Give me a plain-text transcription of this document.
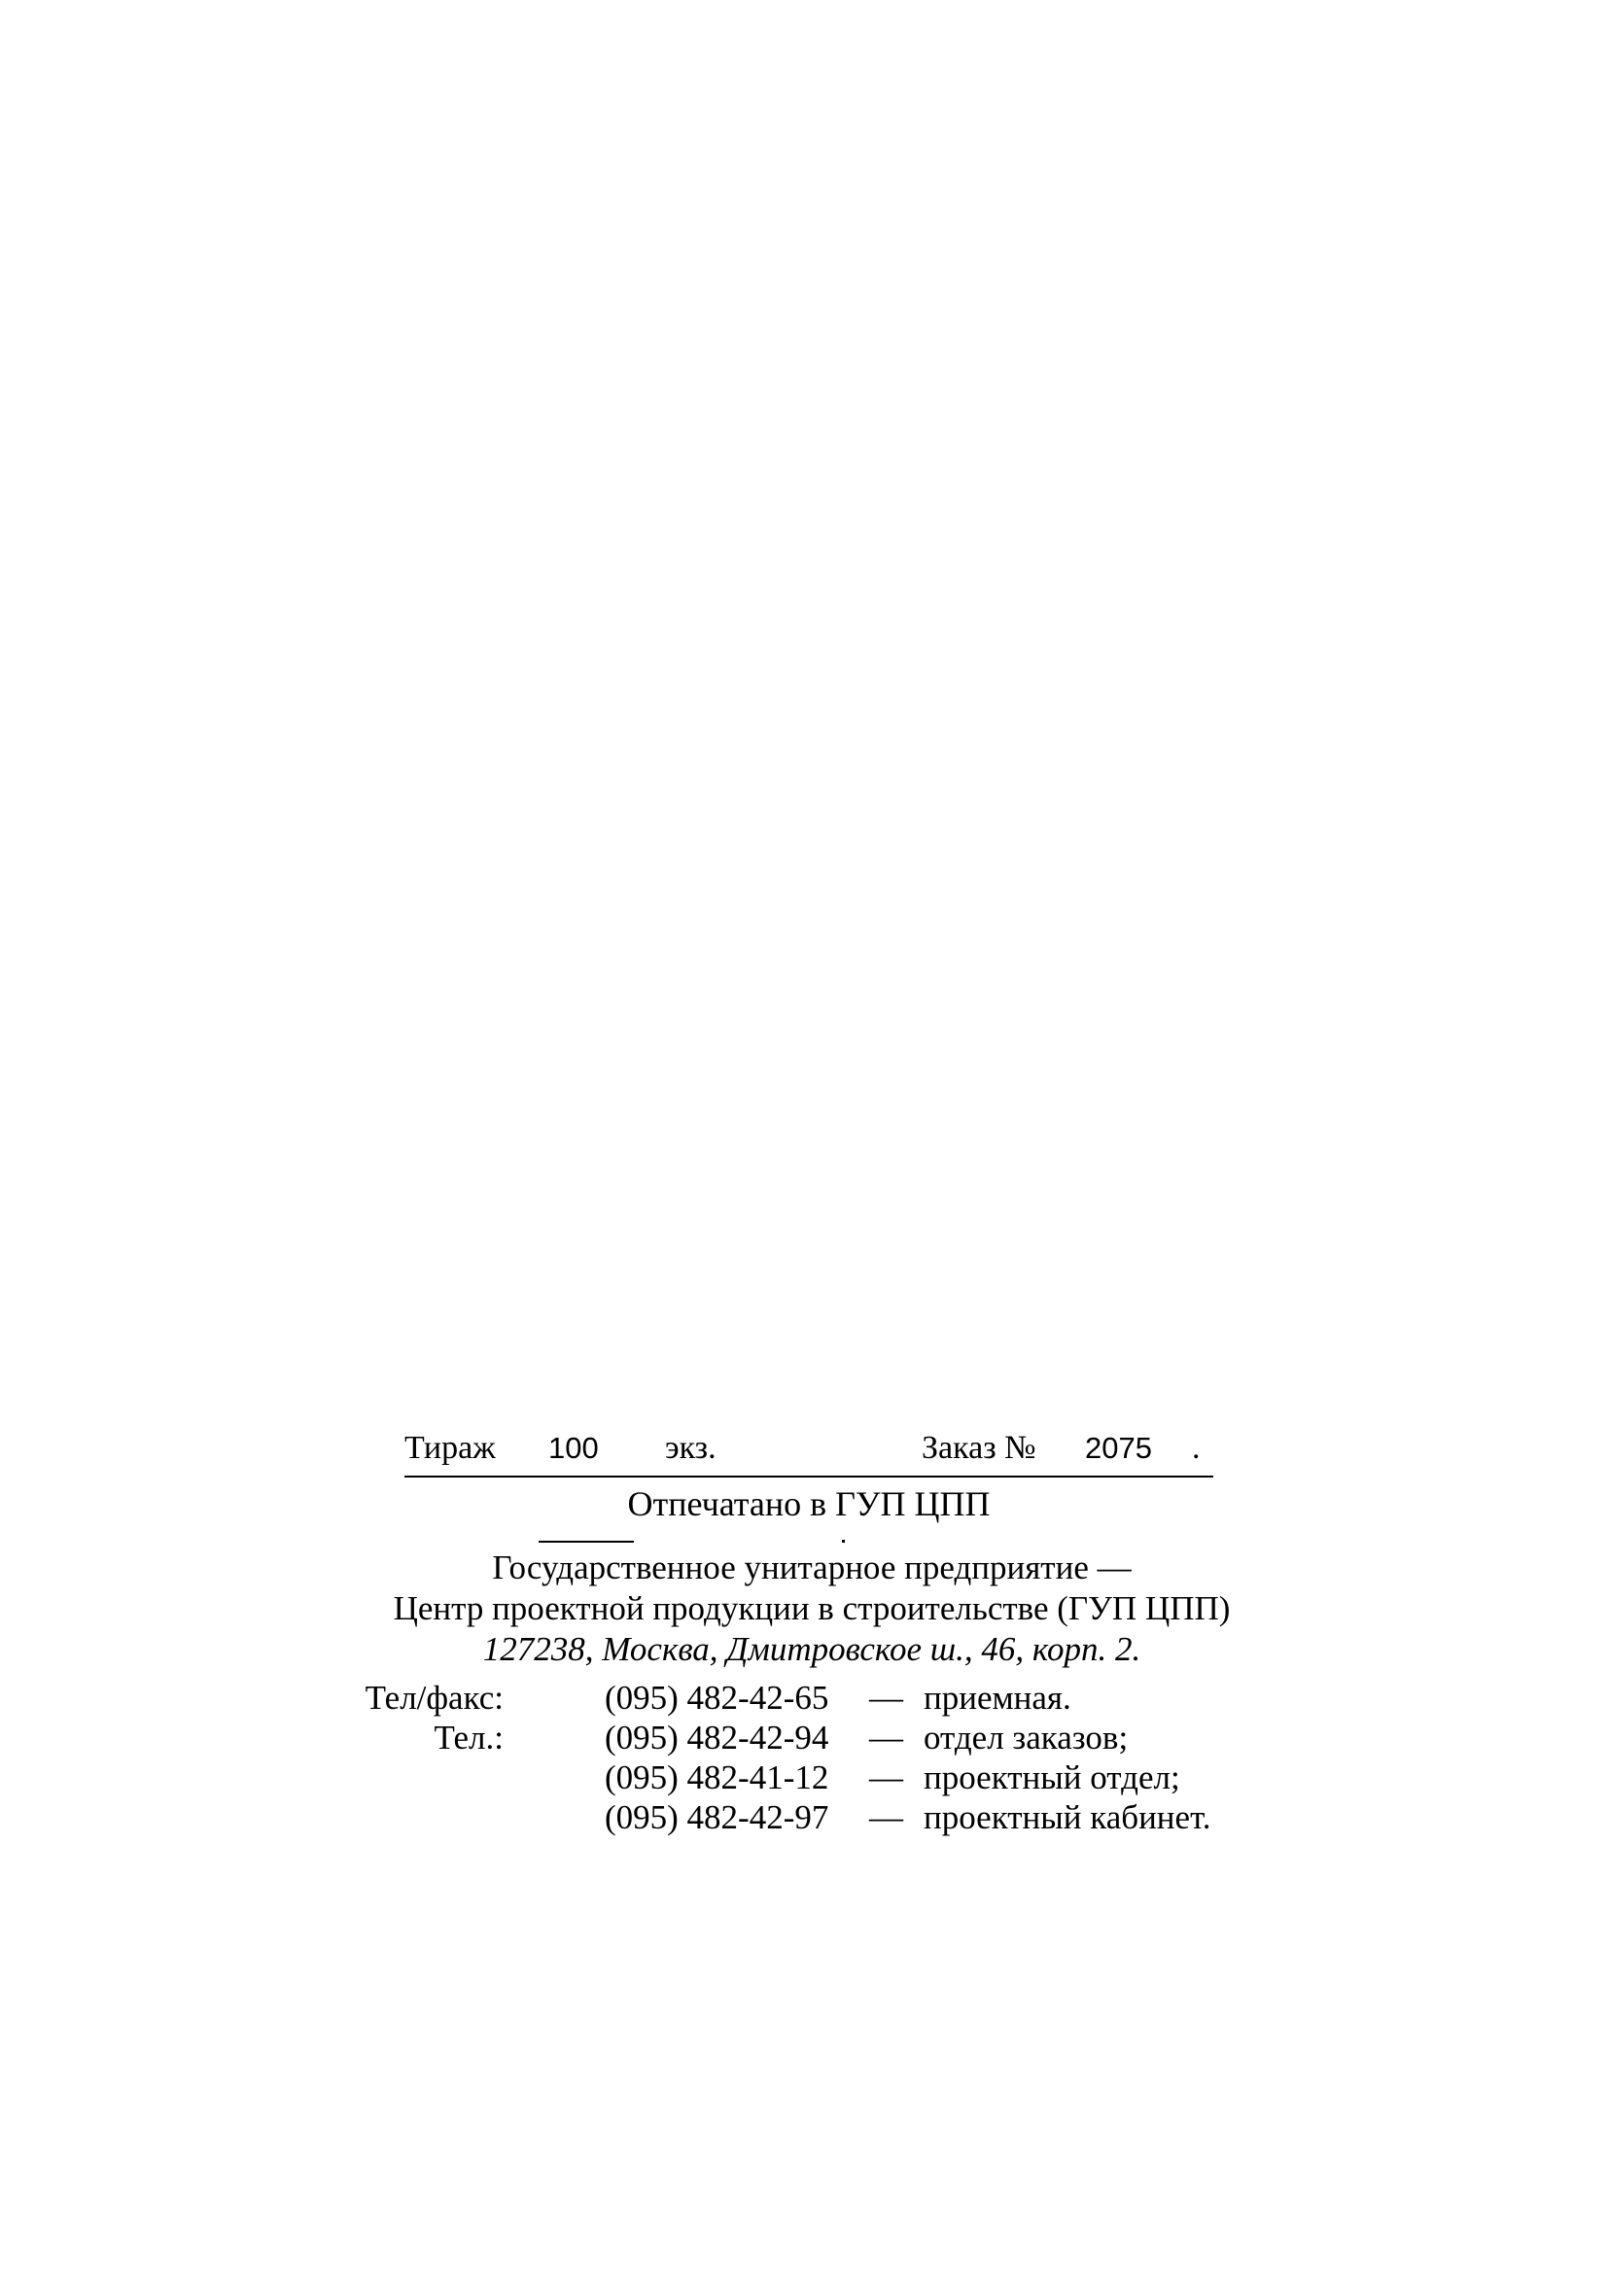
Тираж 100 экз.	Заказ № 2075 .
Отпечатано в ГУП ЦПП
Государственное унитарное предприятие —
Центр проектной продукции в строительстве (ГУП ЦПП)
127238, Москва, Дмитровское ш., 46, корп. 2.
Тел/факс:	(095) 482-42-65 — приемная.
Тел.:	(095) 482-42-94 — отдел заказов;
(095) 482-41-12 — проектный отдел;
(095) 482-42-97 — проектный кабинет.
